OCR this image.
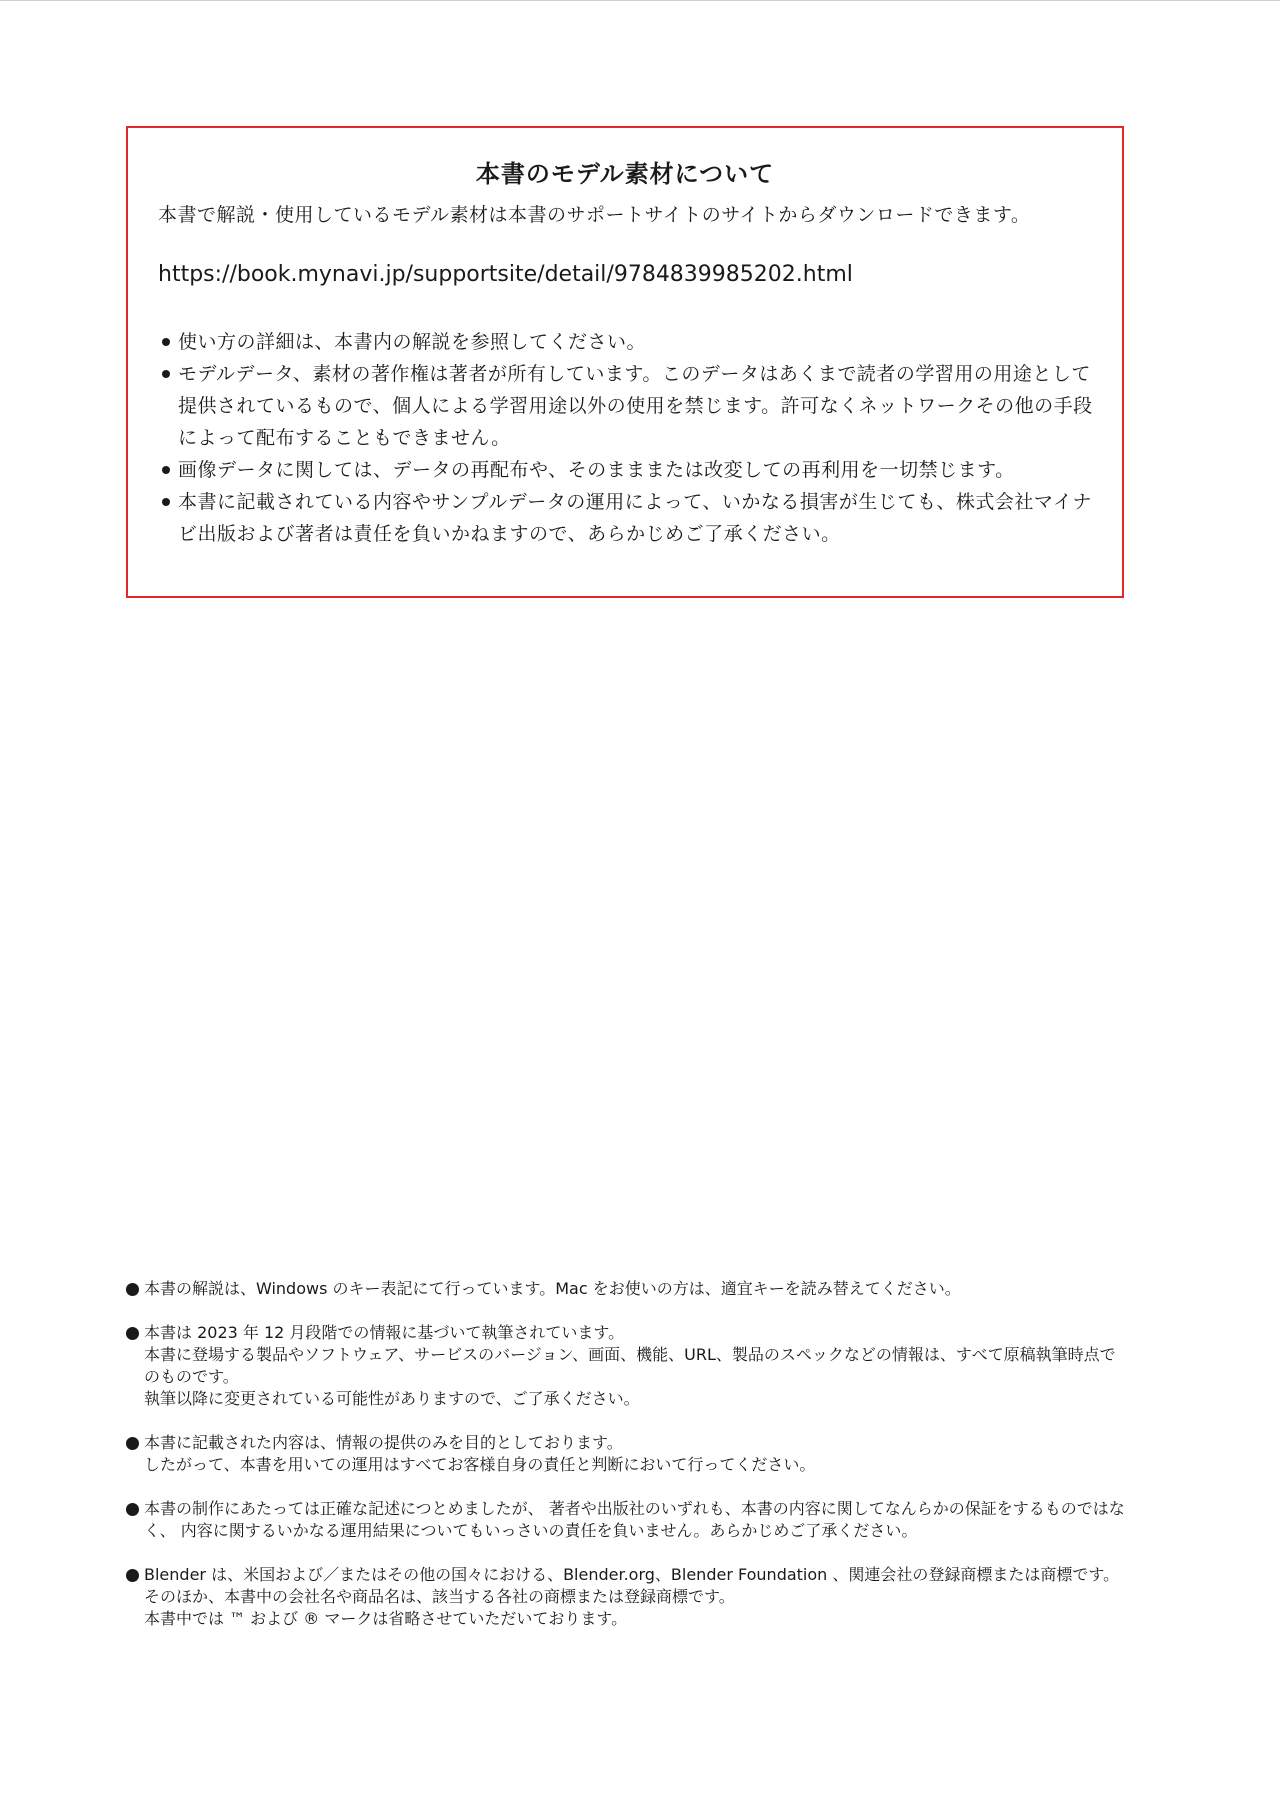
本書のモデル素材について
本書で解説・使用しているモデル素材は本書のサポートサイトのサイトからダウンロードできます。
https://book.mynavi.jp/supportsite/detail/9784839985202.html
使い方の詳細は、本書内の解説を参照してください。
モデルデータ、素材の著作権は著者が所有しています。このデータはあくまで読者の学習用の用途として提供されているもので、個人による学習用途以外の使用を禁じます。許可なくネットワークその他の手段によって配布することもできません。
画像データに関しては、データの再配布や、そのまままたは改変しての再利用を一切禁じます。
本書に記載されている内容やサンプルデータの運用によって、いかなる損害が生じても、株式会社マイナビ出版および著者は責任を負いかねますので、あらかじめご了承ください。
本書の解説は、Windows のキー表記にて行っています。Mac をお使いの方は、適宜キーを読み替えてください。
本書は 2023 年 12 月段階での情報に基づいて執筆されています。
本書に登場する製品やソフトウェア、サービスのバージョン、画面、機能、URL、製品のスペックなどの情報は、すべて原稿執筆時点でのものです。
執筆以降に変更されている可能性がありますので、ご了承ください。
本書に記載された内容は、情報の提供のみを目的としております。
したがって、本書を用いての運用はすべてお客様自身の責任と判断において行ってください。
本書の制作にあたっては正確な記述につとめましたが、 著者や出版社のいずれも、本書の内容に関してなんらかの保証をするものではなく、 内容に関するいかなる運用結果についてもいっさいの責任を負いません。あらかじめご了承ください。
Blender は、米国および／またはその他の国々における、Blender.org、Blender Foundation 、関連会社の登録商標または商標です。
そのほか、本書中の会社名や商品名は、該当する各社の商標または登録商標です。
本書中では ™ および ® マークは省略させていただいております。
